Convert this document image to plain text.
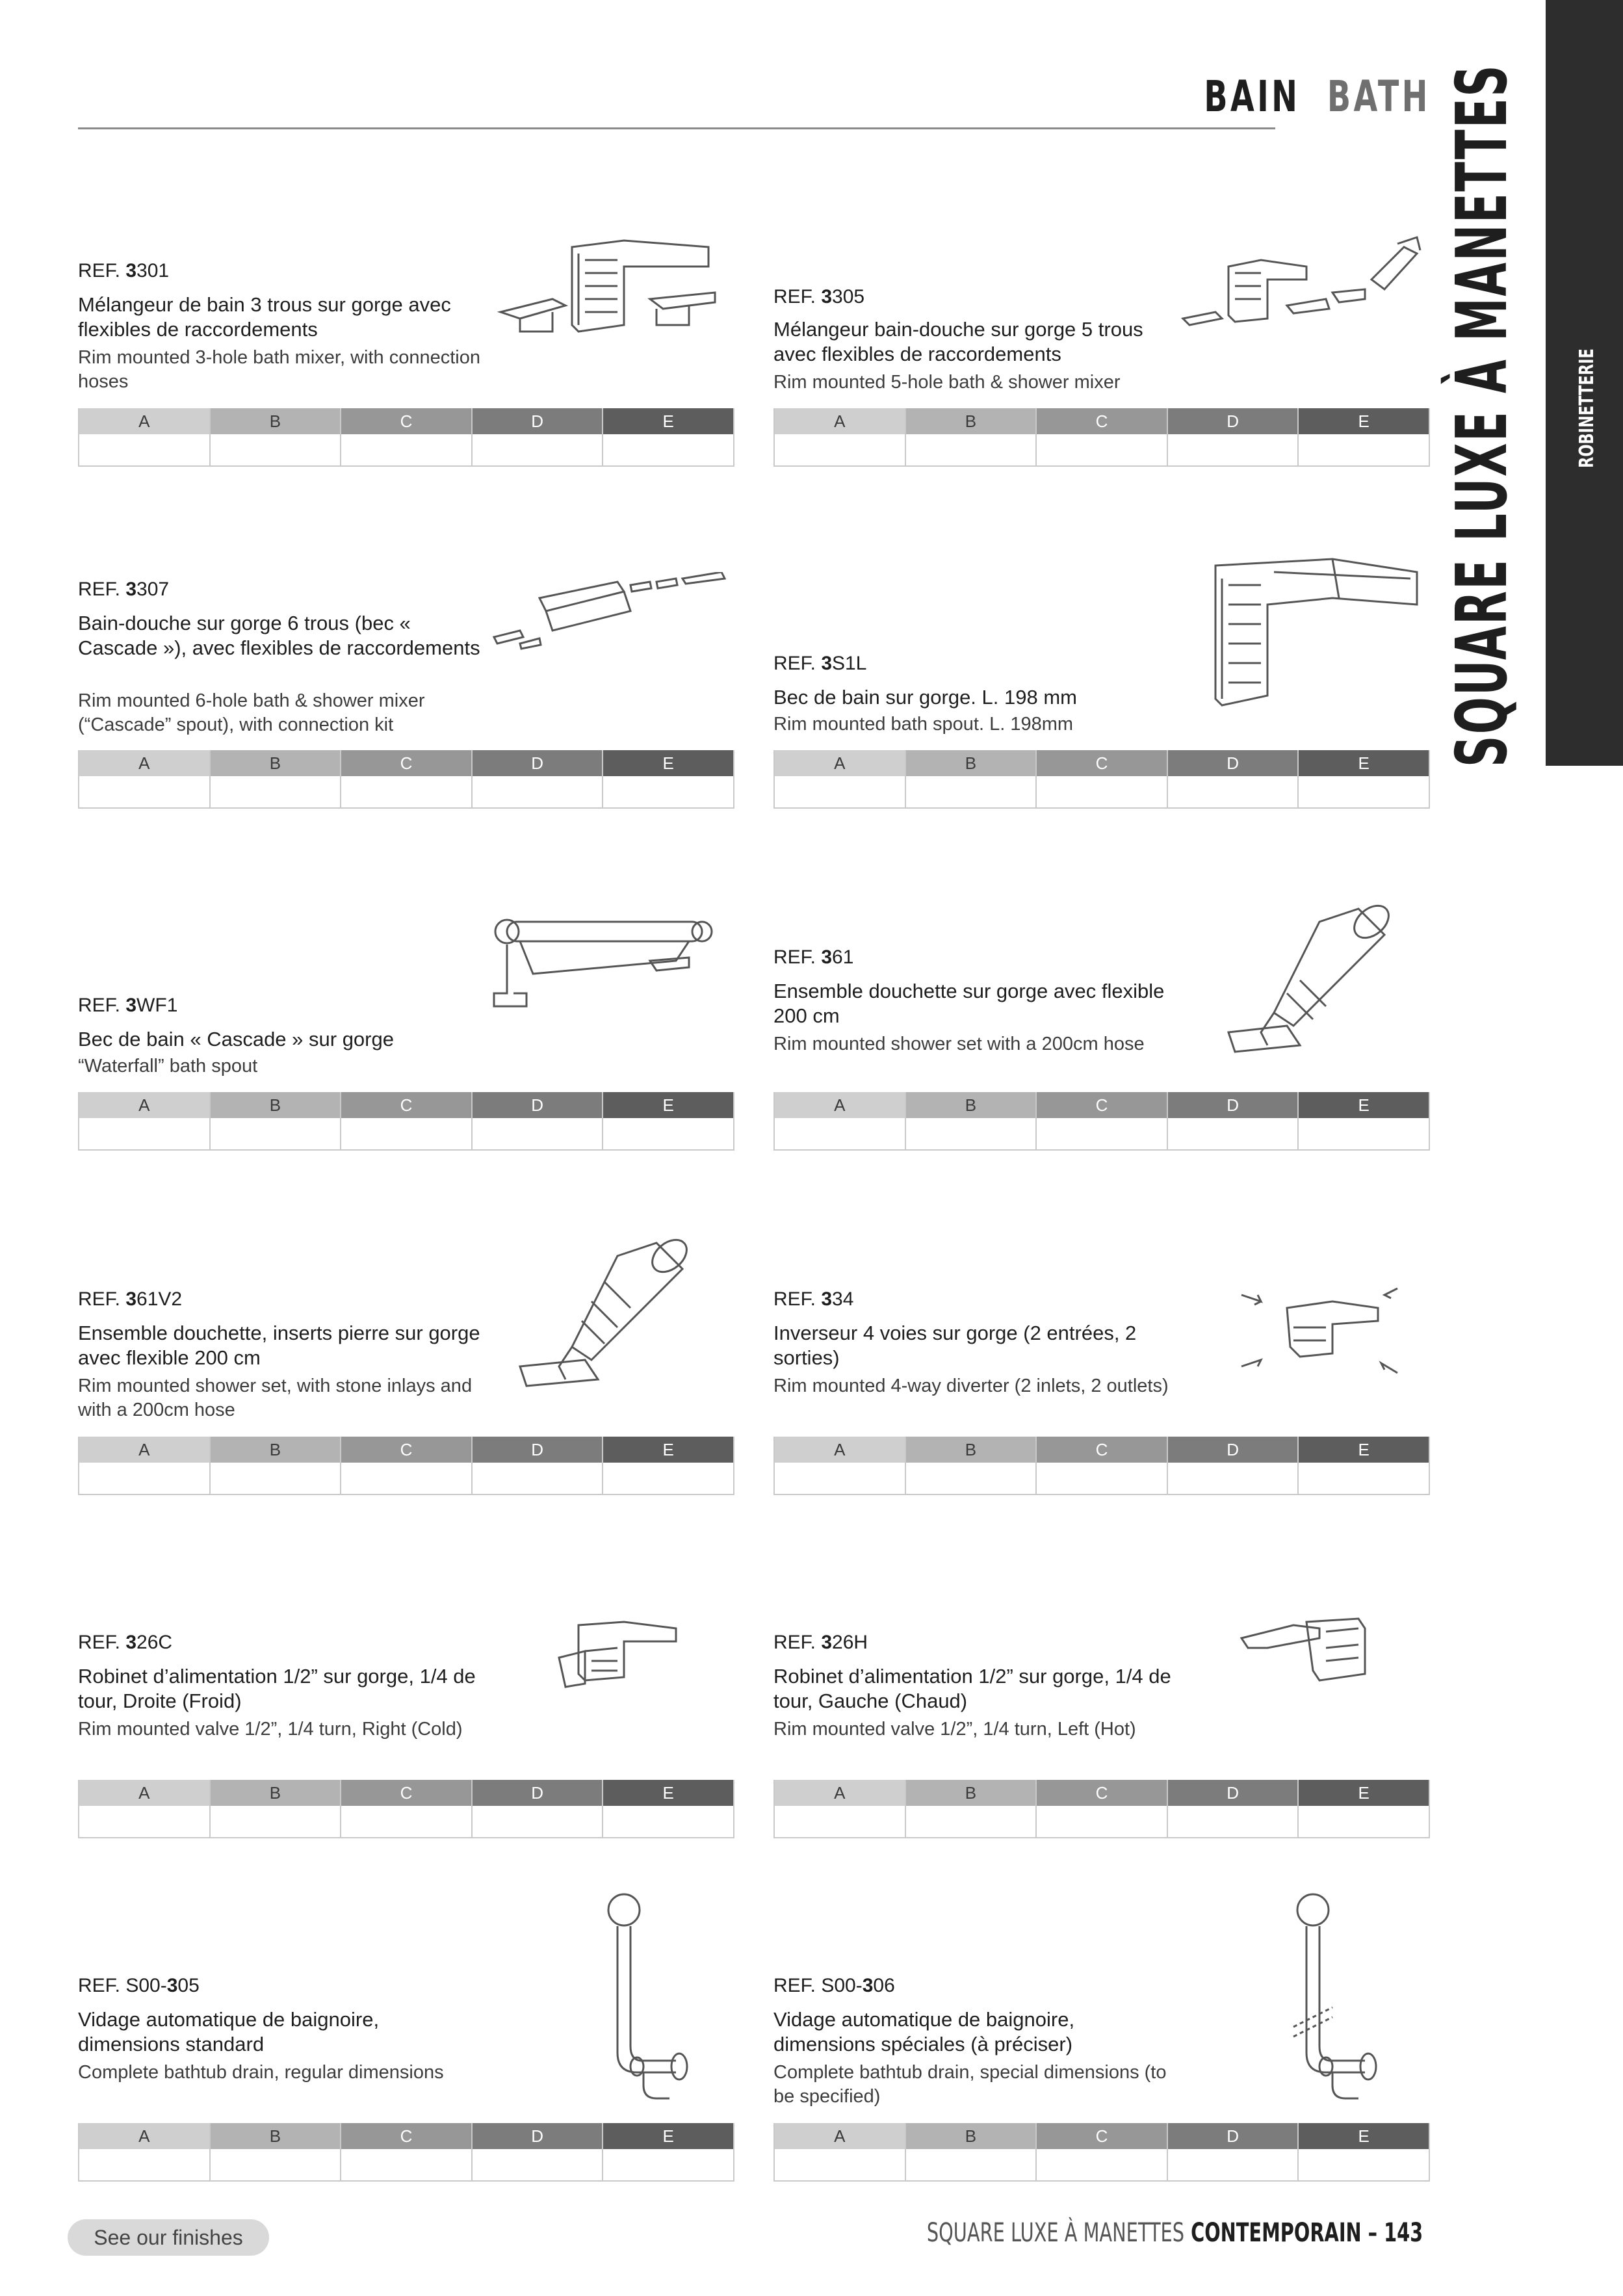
BAIN BATH SQUARE LUXE À MANETTES	ROBINETTERIE
REF. 3301
Mélangeur de bain 3 trous sur gorge avec flexibles de raccordements
Rim mounted 3-hole bath mixer, with connection hoses
A	B	C	D	E
REF. 3305
Mélangeur bain-douche sur gorge 5 trous avec flexibles de raccordements
Rim mounted 5-hole bath & shower mixer
A	B	C	D	E
REF. 3307
Bain-douche sur gorge 6 trous (bec « Cascade »), avec flexibles de raccordements
Rim mounted 6-hole bath & shower mixer (“Cascade” spout), with connection kit
A	B	C	D	E
REF. 3S1L
Bec de bain sur gorge. L. 198 mm
Rim mounted bath spout. L. 198mm
A	B	C	D	E
REF. 3WF1
Bec de bain « Cascade » sur gorge
“Waterfall” bath spout
A	B	C	D	E
REF. 361
Ensemble douchette sur gorge avec flexible 200 cm
Rim mounted shower set with a 200cm hose
A	B	C	D	E
REF. 361V2
Ensemble douchette, inserts pierre sur gorge avec flexible 200 cm
Rim mounted shower set, with stone inlays and with a 200cm hose
A	B	C	D	E
REF. 334
Inverseur 4 voies sur gorge (2 entrées, 2 sorties)
Rim mounted 4-way diverter (2 inlets, 2 outlets)
A	B	C	D	E
REF. 326C
Robinet d’alimentation 1/2” sur gorge, 1/4 de tour, Droite (Froid)
Rim mounted valve 1/2”, 1/4 turn, Right (Cold)
A	B	C	D	E
REF. 326H
Robinet d’alimentation 1/2” sur gorge, 1/4 de tour, Gauche (Chaud)
Rim mounted valve 1/2”, 1/4 turn, Left (Hot)
A	B	C	D	E
REF. S00-305
Vidage automatique de baignoire, dimensions standard
Complete bathtub drain, regular dimensions
A	B	C	D	E
REF. S00-306
Vidage automatique de baignoire, dimensions spéciales (à préciser)
Complete bathtub drain, special dimensions (to be specified)
A	B	C	D	E
See our finishes	SQUARE LUXE À MANETTES CONTEMPORAIN – 143
